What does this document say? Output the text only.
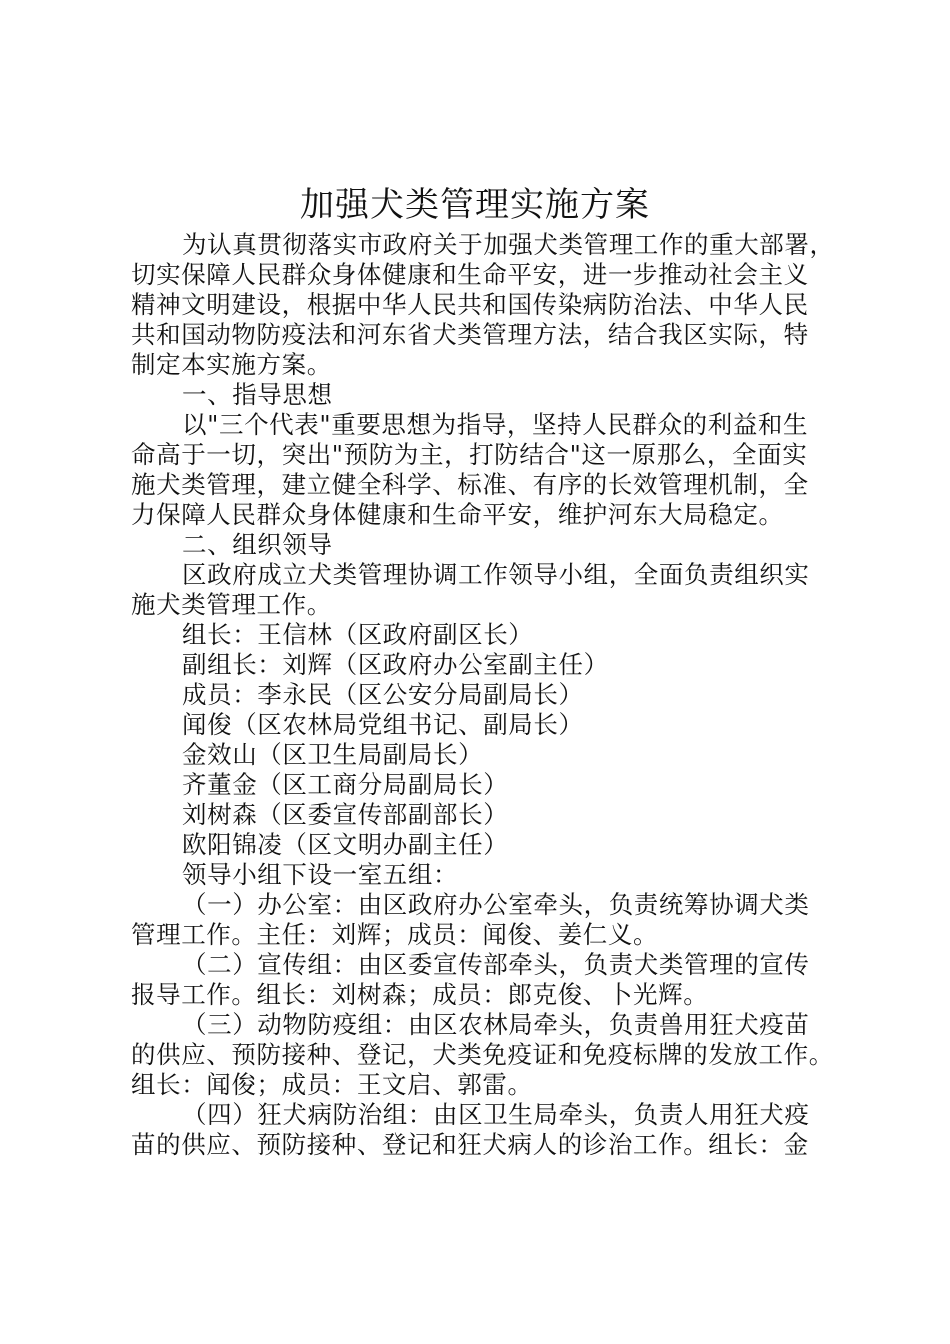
加强犬类管理实施方案

为认真贯彻落实市政府关于加强犬类管理工作的重大部署，

切实保障人民群众身体健康和生命平安，进一步推动社会主义

精神文明建设，根据中华人民共和国传染病防治法、中华人民

共和国动物防疫法和河东省犬类管理方法，结合我区实际，特

制定本实施方案。

一、指导思想

以"三个代表"重要思想为指导，坚持人民群众的利益和生

命高于一切，突出"预防为主，打防结合"这一原那么，全面实

施犬类管理，建立健全科学、标准、有序的长效管理机制，全

力保障人民群众身体健康和生命平安，维护河东大局稳定。

二、组织领导

区政府成立犬类管理协调工作领导小组，全面负责组织实

施犬类管理工作。

组长：王信林（区政府副区长）

副组长：刘辉（区政府办公室副主任）

成员：李永民（区公安分局副局长）

闻俊（区农林局党组书记、副局长）

金效山（区卫生局副局长）

齐董金（区工商分局副局长）

刘树森（区委宣传部副部长）

欧阳锦凌（区文明办副主任）

领导小组下设一室五组：

（一）办公室：由区政府办公室牵头，负责统筹协调犬类

管理工作。主任：刘辉；成员：闻俊、姜仁义。

（二）宣传组：由区委宣传部牵头，负责犬类管理的宣传

报导工作。组长：刘树森；成员：郎克俊、卜光辉。

（三）动物防疫组：由区农林局牵头，负责兽用狂犬疫苗

的供应、预防接种、登记，犬类免疫证和免疫标牌的发放工作。

组长：闻俊；成员：王文启、郭雷。

（四）狂犬病防治组：由区卫生局牵头，负责人用狂犬疫

苗的供应、预防接种、登记和狂犬病人的诊治工作。组长：金
